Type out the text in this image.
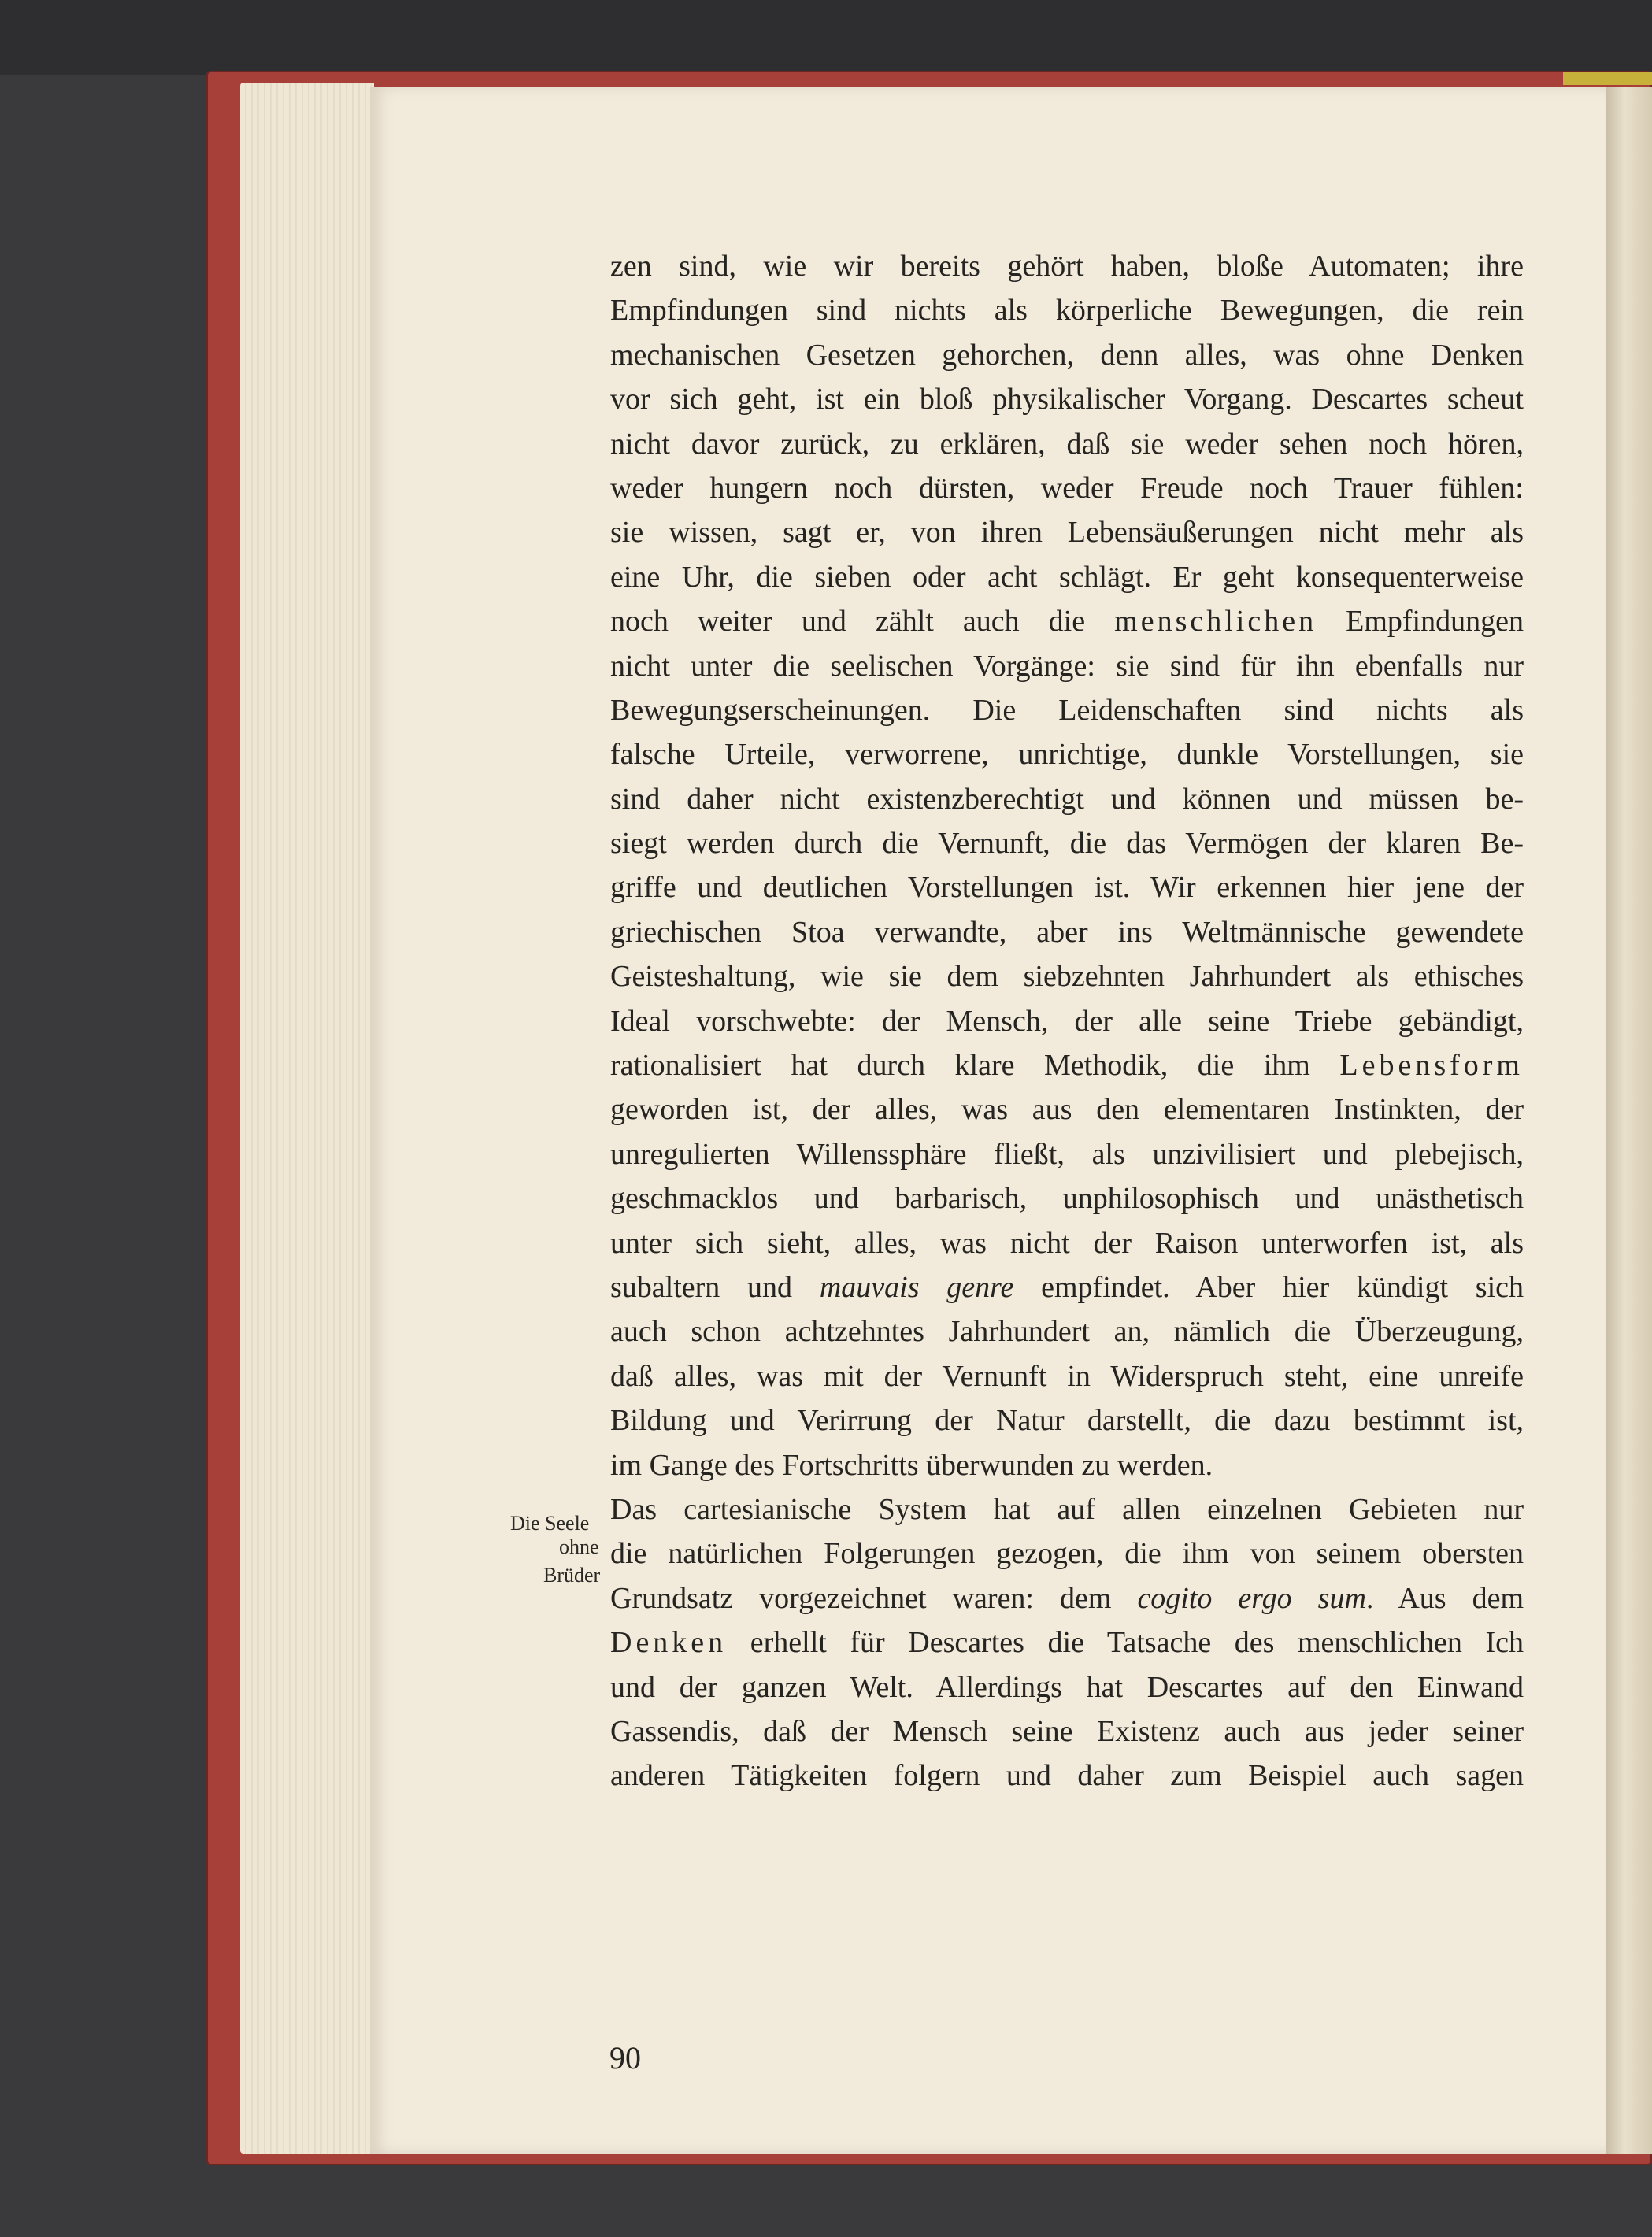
zen sind, wie wir bereits gehört haben, bloße Automaten; ihre
Empfindungen sind nichts als körperliche Bewegungen, die rein
mechanischen Gesetzen gehorchen, denn alles, was ohne Denken
vor sich geht, ist ein bloß physikalischer Vorgang. Descartes scheut
nicht davor zurück, zu erklären, daß sie weder sehen noch hören,
weder hungern noch dürsten, weder Freude noch Trauer fühlen:
sie wissen, sagt er, von ihren Lebensäußerungen nicht mehr als
eine Uhr, die sieben oder acht schlägt. Er geht konsequenterweise
noch weiter und zählt auch die menschlichen Empfindungen
nicht unter die seelischen Vorgänge: sie sind für ihn ebenfalls nur
Bewegungserscheinungen. Die Leidenschaften sind nichts als
falsche Urteile, verworrene, unrichtige, dunkle Vorstellungen, sie
sind daher nicht existenzberechtigt und können und müssen be-
siegt werden durch die Vernunft, die das Vermögen der klaren Be-
griffe und deutlichen Vorstellungen ist. Wir erkennen hier jene der
griechischen Stoa verwandte, aber ins Weltmännische gewendete
Geisteshaltung, wie sie dem siebzehnten Jahrhundert als ethisches
Ideal vorschwebte: der Mensch, der alle seine Triebe gebändigt,
rationalisiert hat durch klare Methodik, die ihm Lebensform
geworden ist, der alles, was aus den elementaren Instinkten, der
unregulierten Willenssphäre fließt, als unzivilisiert und plebejisch,
geschmacklos und barbarisch, unphilosophisch und unästhetisch
unter sich sieht, alles, was nicht der Raison unterworfen ist, als
subaltern und mauvais genre empfindet. Aber hier kündigt sich
auch schon achtzehntes Jahrhundert an, nämlich die Überzeugung,
daß alles, was mit der Vernunft in Widerspruch steht, eine unreife
Bildung und Verirrung der Natur darstellt, die dazu bestimmt ist,
im Gange des Fortschritts überwunden zu werden.
Das cartesianische System hat auf allen einzelnen Gebieten nur
die natürlichen Folgerungen gezogen, die ihm von seinem obersten
Grundsatz vorgezeichnet waren: dem cogito ergo sum. Aus dem
Denken erhellt für Descartes die Tatsache des menschlichen Ich
und der ganzen Welt. Allerdings hat Descartes auf den Einwand
Gassendis, daß der Mensch seine Existenz auch aus jeder seiner
anderen Tätigkeiten folgern und daher zum Beispiel auch sagen
Die Seele
ohne
Brüder
90
